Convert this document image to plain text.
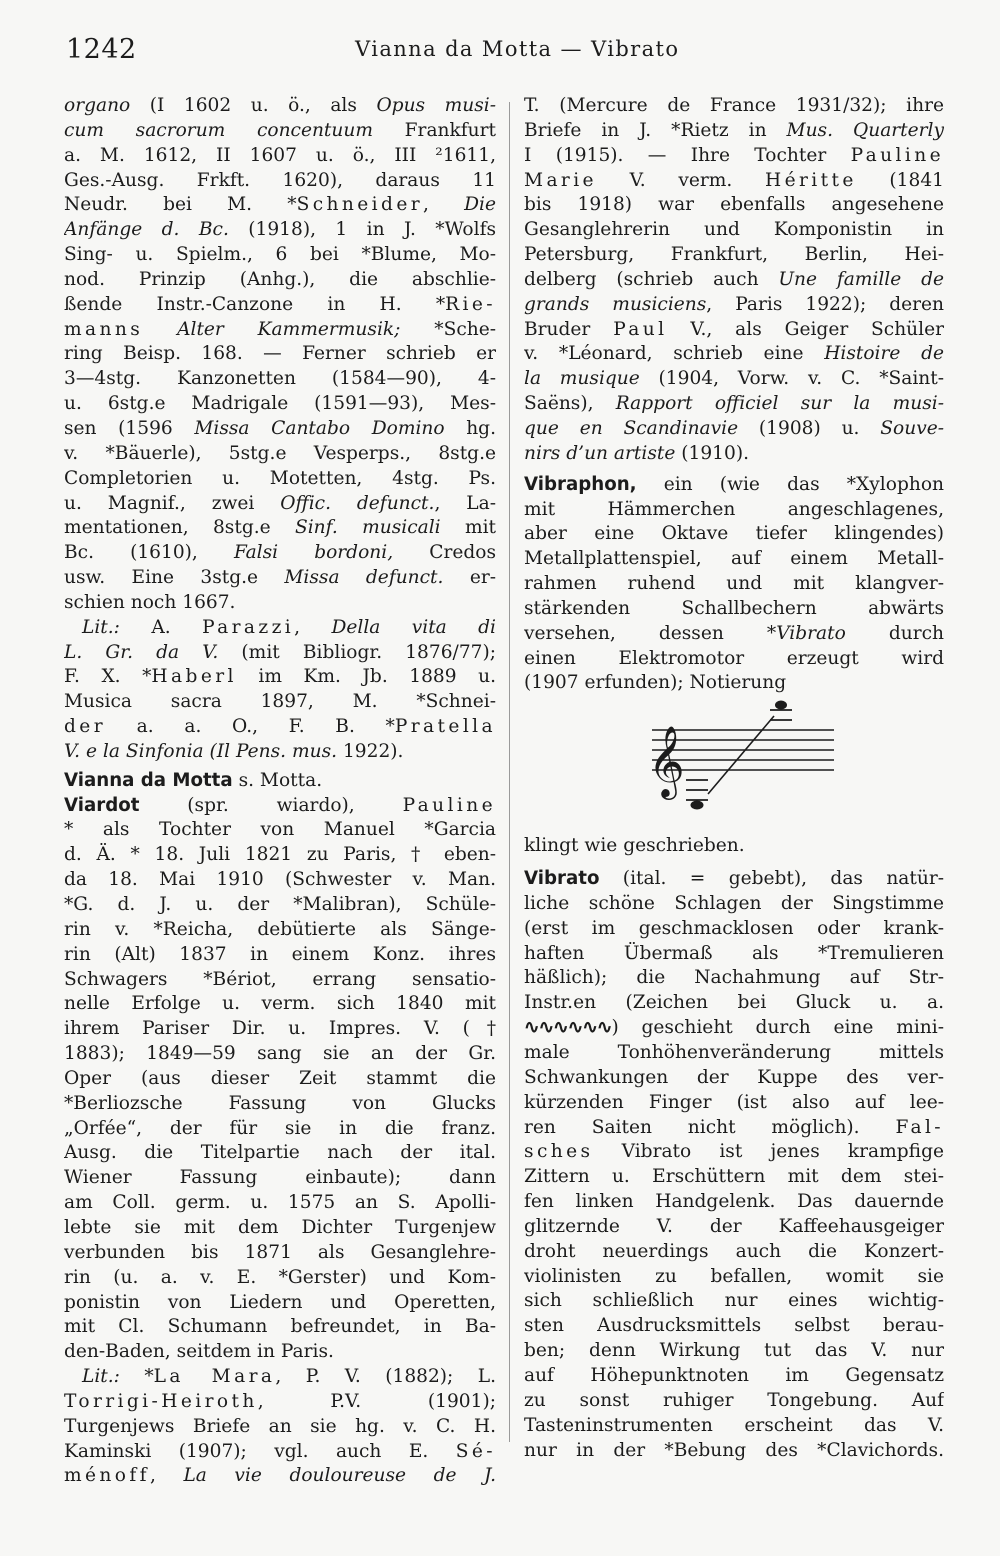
1242	Vianna da Motta — Vibrato
organo (I 1602 u. ö., als Opus musi-
cum sacrorum concentuum Frankfurt
a. M. 1612, II 1607 u. ö., III ²1611,
Ges.-Ausg. Frkft. 1620), daraus 11
Neudr. bei M. *Schneider, Die
Anfänge d. Bc. (1918), 1 in J. *Wolfs
Sing- u. Spielm., 6 bei *Blume, Mo-
nod. Prinzip (Anhg.), die abschlie-
ßende Instr.-Canzone in H. *Rie-
manns Alter Kammermusik; *Sche-
ring Beisp. 168. — Ferner schrieb er
3—4stg. Kanzonetten (1584—90), 4-
u. 6stg.e Madrigale (1591—93), Mes-
sen (1596 Missa Cantabo Domino hg.
v. *Bäuerle), 5stg.e Vesperps., 8stg.e
Completorien u. Motetten, 4stg. Ps.
u. Magnif., zwei Offic. defunct., La-
mentationen, 8stg.e Sinf. musicali mit
Bc. (1610), Falsi bordoni, Credos
usw. Eine 3stg.e Missa defunct. er-
schien noch 1667.
Lit.: A. Parazzi, Della vita di
L. Gr. da V. (mit Bibliogr. 1876/77);
F. X. *Haberl im Km. Jb. 1889 u.
Musica sacra 1897, M. *Schnei-
der a. a. O., F. B. *Pratella
V. e la Sinfonia (Il Pens. mus. 1922).
Vianna da Motta s. Motta.
Viardot (spr. wiardo), Pauline
* als Tochter von Manuel *Garcia
d. Ä. * 18. Juli 1821 zu Paris, † eben-
da 18. Mai 1910 (Schwester v. Man.
*G. d. J. u. der *Malibran), Schüle-
rin v. *Reicha, debütierte als Sänge-
rin (Alt) 1837 in einem Konz. ihres
Schwagers *Bériot, errang sensatio-
nelle Erfolge u. verm. sich 1840 mit
ihrem Pariser Dir. u. Impres. V. (†
1883); 1849—59 sang sie an der Gr.
Oper (aus dieser Zeit stammt die
*Berliozsche Fassung von Glucks
„Orfée“, der für sie in die franz.
Ausg. die Titelpartie nach der ital.
Wiener Fassung einbaute); dann
am Coll. germ. u. 1575 an S. Apolli-
lebte sie mit dem Dichter Turgenjew
verbunden bis 1871 als Gesanglehre-
rin (u. a. v. E. *Gerster) und Kom-
ponistin von Liedern und Operetten,
mit Cl. Schumann befreundet, in Ba-
den-Baden, seitdem in Paris.
Lit.: *La Mara, P. V. (1882); L.
Torrigi-Heiroth, P.V. (1901);
Turgenjews Briefe an sie hg. v. C. H.
Kaminski (1907); vgl. auch E. Sé-
ménoff, La vie douloureuse de J.
T. (Mercure de France 1931/32); ihre
Briefe in J. *Rietz in Mus. Quarterly
I (1915). — Ihre Tochter Pauline
Marie V. verm. Héritte (1841
bis 1918) war ebenfalls angesehene
Gesanglehrerin und Komponistin in
Petersburg, Frankfurt, Berlin, Hei-
delberg (schrieb auch Une famille de
grands musiciens, Paris 1922); deren
Bruder Paul V., als Geiger Schüler
v. *Léonard, schrieb eine Histoire de
la musique (1904, Vorw. v. C. *Saint-
Saëns), Rapport officiel sur la musi-
que en Scandinavie (1908) u. Souve-
nirs d’un artiste (1910).
Vibraphon, ein (wie das *Xylophon
mit Hämmerchen angeschlagenes,
aber eine Oktave tiefer klingendes)
Metallplattenspiel, auf einem Metall-
rahmen ruhend und mit klangver-
stärkenden Schallbechern abwärts
versehen, dessen *Vibrato durch
einen Elektromotor erzeugt wird
(1907 erfunden); Notierung
𝄞
klingt wie geschrieben.
Vibrato (ital. = gebebt), das natür-
liche schöne Schlagen der Singstimme
(erst im geschmacklosen oder krank-
haften Übermaß als *Tremulieren
häßlich); die Nachahmung auf Str-
Instr.en (Zeichen bei Gluck u. a.
∿∿∿∿∿∿) geschieht durch eine mini-
male Tonhöhenveränderung mittels
Schwankungen der Kuppe des ver-
kürzenden Finger (ist also auf lee-
ren Saiten nicht möglich). Fal-
sches Vibrato ist jenes krampfige
Zittern u. Erschüttern mit dem stei-
fen linken Handgelenk. Das dauernde
glitzernde V. der Kaffeehausgeiger
droht neuerdings auch die Konzert-
violinisten zu befallen, womit sie
sich schließlich nur eines wichtig-
sten Ausdrucksmittels selbst berau-
ben; denn Wirkung tut das V. nur
auf Höhepunktnoten im Gegensatz
zu sonst ruhiger Tongebung. Auf
Tasteninstrumenten erscheint das V.
nur in der *Bebung des *Clavichords.
